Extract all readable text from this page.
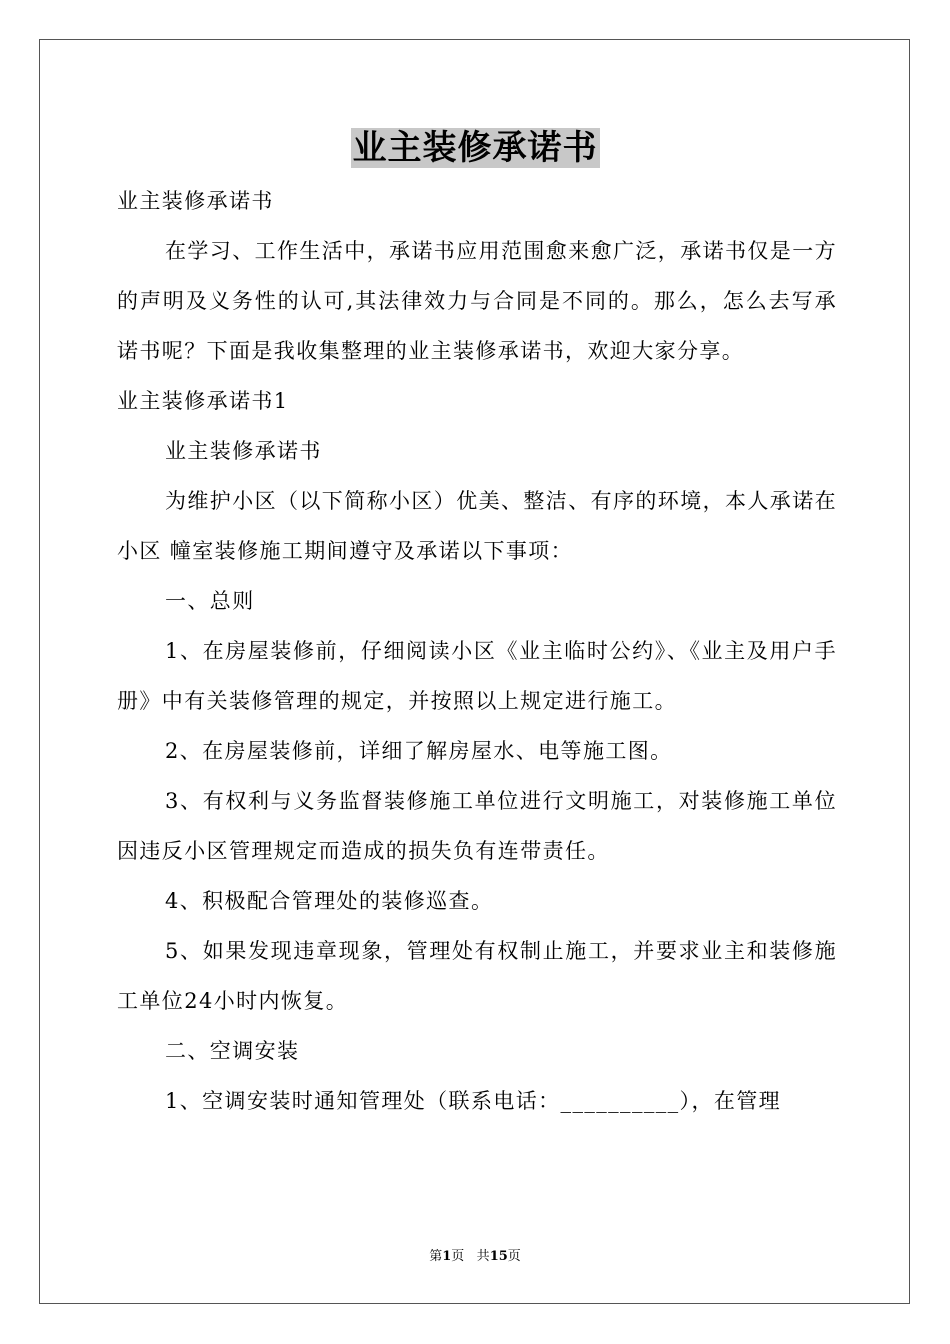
业主装修承诺书

业主装修承诺书

在学习、工作生活中，承诺书应用范围愈来愈广泛，承诺书仅是一方的声明及义务性的认可,其法律效力与合同是不同的。那么，怎么去写承诺书呢？下面是我收集整理的业主装修承诺书，欢迎大家分享。

业主装修承诺书1

业主装修承诺书

为维护小区（以下简称小区）优美、整洁、有序的环境，本人承诺在小区 幢室装修施工期间遵守及承诺以下事项：

一、总则

1、在房屋装修前，仔细阅读小区《业主临时公约》、《业主及用户手册》中有关装修管理的规定，并按照以上规定进行施工。

2、在房屋装修前，详细了解房屋水、电等施工图。

3、有权利与义务监督装修施工单位进行文明施工，对装修施工单位因违反小区管理规定而造成的损失负有连带责任。

4、积极配合管理处的装修巡查。

5、如果发现违章现象，管理处有权制止施工，并要求业主和装修施工单位24小时内恢复。

二、空调安装

1、空调安装时通知管理处（联系电话：__________），在管理

第1页 共15页
